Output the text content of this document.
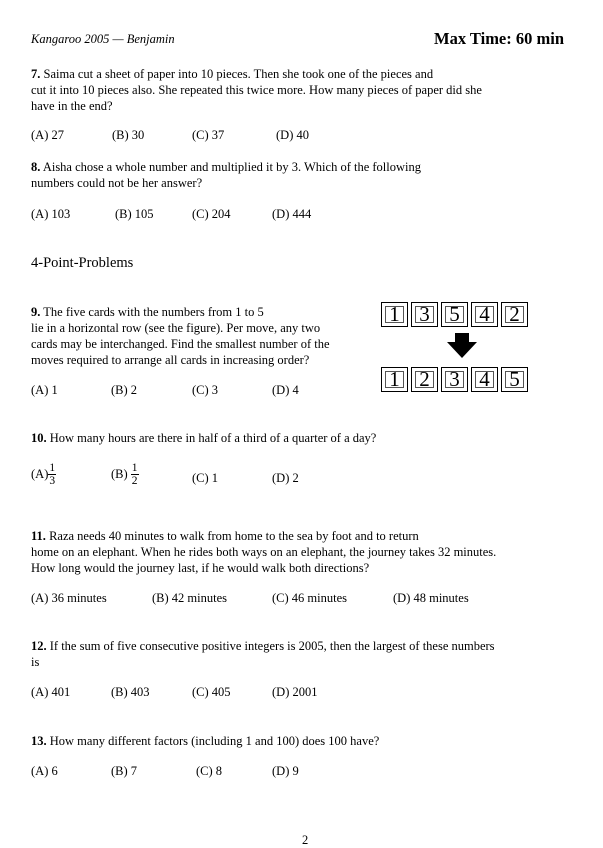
Kangaroo 2005 — Benjamin	Max Time: 60 min
7. Saima cut a sheet of paper into 10 pieces. Then she took one of the pieces and
cut it into 10 pieces also. She repeated this twice more. How many pieces of paper did she
have in the end?
(A) 27	(B) 30	(C) 37	(D) 40
8. Aisha chose a whole number and multiplied it by 3. Which of the following
numbers could not be her answer?
(A) 103	(B) 105	(C) 204	(D) 444
4-Point-Problems
9. The five cards with the numbers from 1 to 5
lie in a horizontal row (see the figure). Per move, any two
cards may be interchanged. Find the smallest number of the
moves required to arrange all cards in increasing order?
1 3 5 4 2
1 2 3 4 5
(A) 1	(B) 2	(C) 3	(D) 4
10. How many hours are there in half of a third of a quarter of a day?
$(A) \frac{1}{3}$	$(B) \frac{1}{2}$	(C) 1	(D) 2
11. Raza needs 40 minutes to walk from home to the sea by foot and to return
home on an elephant. When he rides both ways on an elephant, the journey takes 32 minutes.
How long would the journey last, if he would walk both directions?
(A) 36 minutes	(B) 42 minutes	(C) 46 minutes	(D) 48 minutes
12. If the sum of five consecutive positive integers is 2005, then the largest of these numbers
is
(A) 401	(B) 403	(C) 405	(D) 2001
13. How many different factors (including 1 and 100) does 100 have?
(A) 6	(B) 7	(C) 8	(D) 9
2
